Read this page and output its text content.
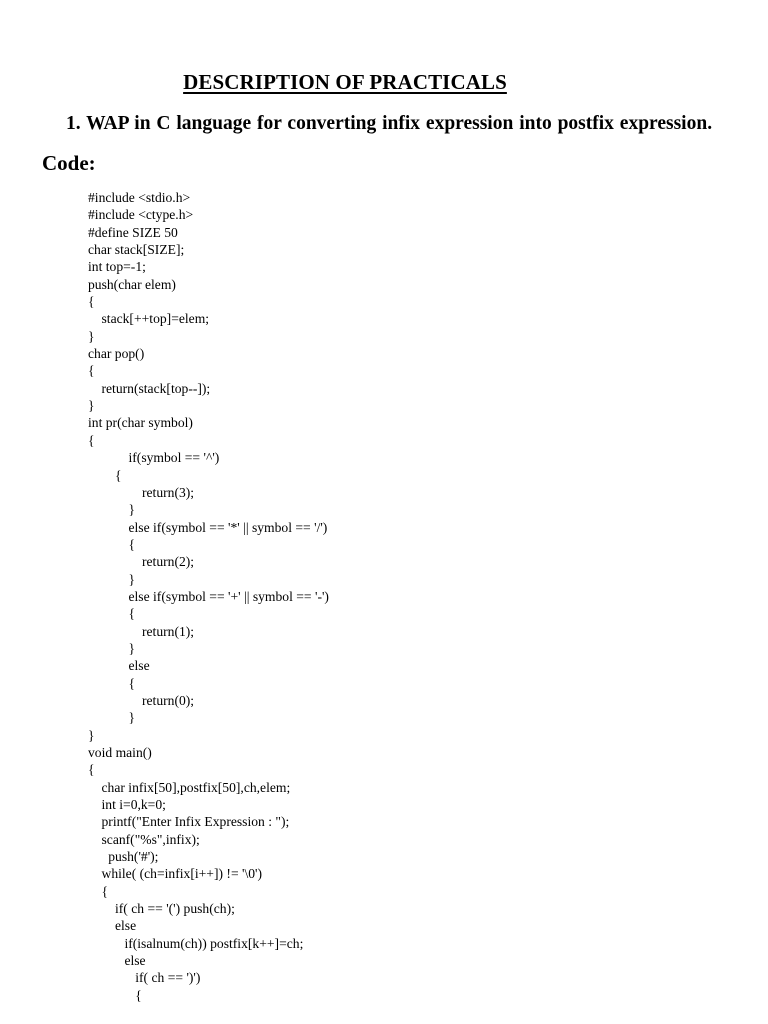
DESCRIPTION OF PRACTICALS
1. WAP in C language for converting infix expression into postfix expression.
Code:
#include <stdio.h>
#include <ctype.h>
#define SIZE 50
char stack[SIZE];
int top=-1;
push(char elem)
{
stack[++top]=elem;
}
char pop()
{
return(stack[top--]);
}
int pr(char symbol)
{
if(symbol == '^')
{
return(3);
}
else if(symbol == '*' || symbol == '/')
{
return(2);
}
else if(symbol == '+' || symbol == '-')
{
return(1);
}
else
{
return(0);
}
}
void main()
{
char infix[50],postfix[50],ch,elem;
int i=0,k=0;
printf("Enter Infix Expression : ");
scanf("%s",infix);
push('#');
while( (ch=infix[i++]) != '\0')
{
if( ch == '(') push(ch);
else
if(isalnum(ch)) postfix[k++]=ch;
else
if( ch == ')')
{
